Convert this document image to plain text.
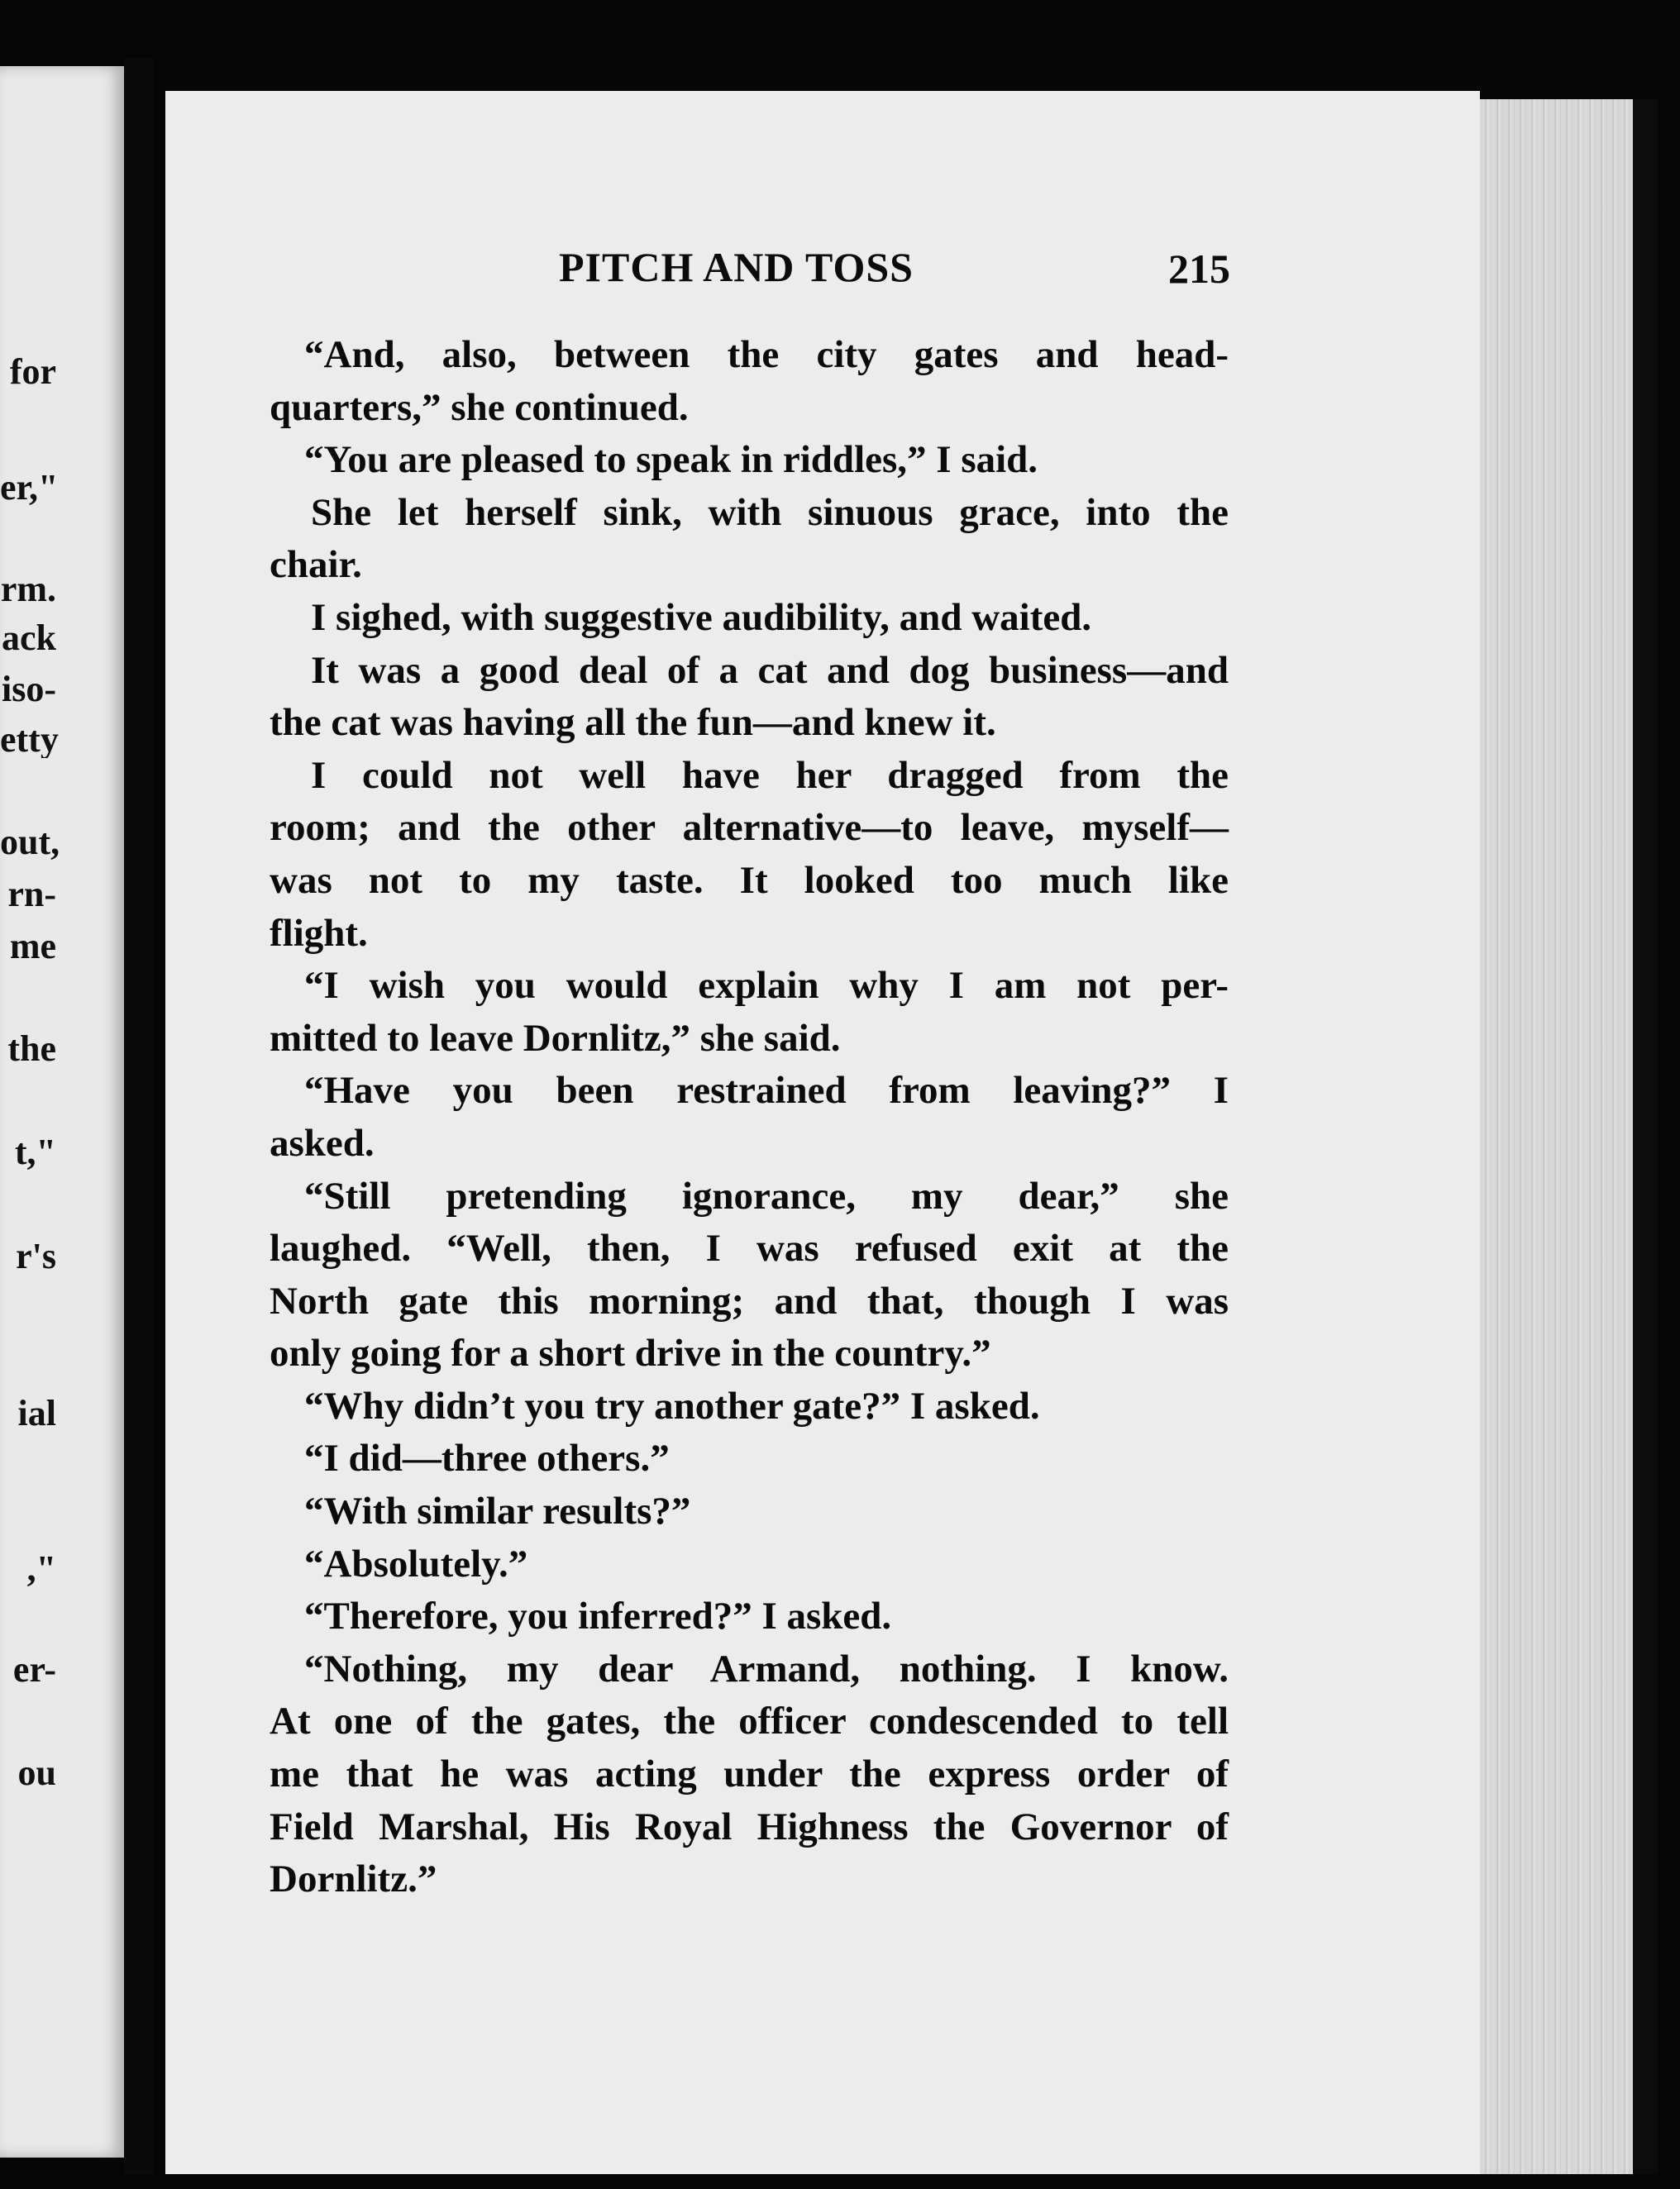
for
er,"
rm.
ack
iso-
etty
out,
rn-
me
the
t,"
r's
ial
,"
er-
ou
PITCH AND TOSS	215
“And, also, between the city gates and head-
quarters,” she continued.
“You are pleased to speak in riddles,” I said.
She let herself sink, with sinuous grace, into the
chair.
I sighed, with suggestive audibility, and waited.
It was a good deal of a cat and dog business—and
the cat was having all the fun—and knew it.
I could not well have her dragged from the
room; and the other alternative—to leave, myself—
was not to my taste. It looked too much like
flight.
“I wish you would explain why I am not per-
mitted to leave Dornlitz,” she said.
“Have you been restrained from leaving?” I
asked.
“Still pretending ignorance, my dear,” she
laughed. “Well, then, I was refused exit at the
North gate this morning; and that, though I was
only going for a short drive in the country.”
“Why didn’t you try another gate?” I asked.
“I did—three others.”
“With similar results?”
“Absolutely.”
“Therefore, you inferred?” I asked.
“Nothing, my dear Armand, nothing. I know.
At one of the gates, the officer condescended to tell
me that he was acting under the express order of
Field Marshal, His Royal Highness the Governor of
Dornlitz.”
